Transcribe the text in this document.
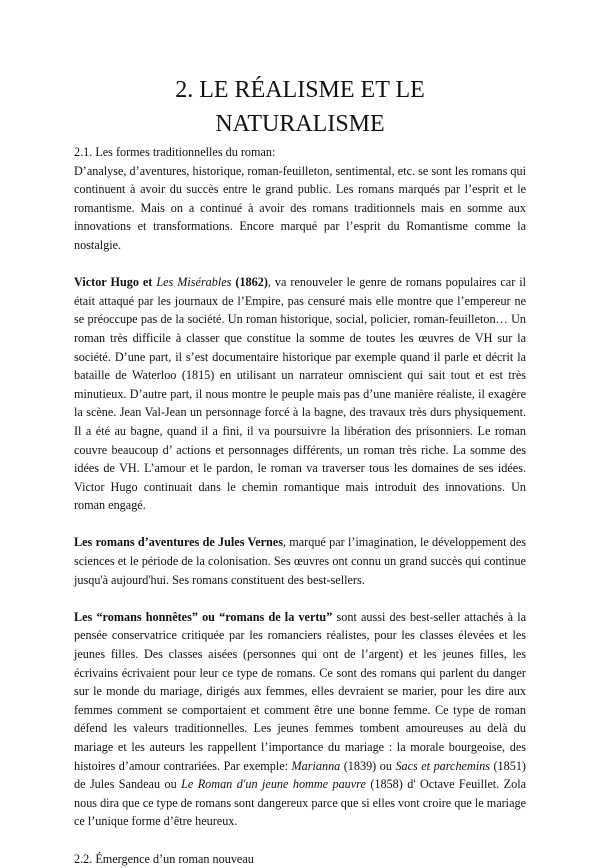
2. LE RÉALISME ET LE
NATURALISME

2.1. Les formes traditionnelles du roman:

D’analyse, d’aventures, historique, roman-feuilleton, sentimental, etc. se sont les romans qui continuent à avoir du succès entre le grand public. Les romans marqués par l’esprit et le romantisme. Mais on a continué à avoir des romans traditionnels mais en somme aux innovations et transformations. Encore marqué par l’esprit du Romantisme comme la nostalgie.

Victor Hugo et Les Misérables (1862), va renouveler le genre de romans populaires car il était attaqué par les journaux de l’Empire, pas censuré mais elle montre que l’empereur ne se préoccupe pas de la société. Un roman historique, social, policier, roman-feuilleton… Un roman très difficile à classer que constitue la somme de toutes les œuvres de VH sur la société. D’une part, il s’est documentaire historique par exemple quand il parle et décrit la bataille de Waterloo (1815) en utilisant un narrateur omniscient qui sait tout et est très minutieux. D’autre part, il nous montre le peuple mais pas d’une manière réaliste, il exagère la scène. Jean Val-Jean un personnage forcé à la bagne, des travaux très durs physiquement. Il a été au bagne, quand il a fini, il va poursuivre la libération des prisonniers. Le roman couvre beaucoup d’ actions et personnages différents, un roman très riche. La somme des idées de VH. L’amour et le pardon, le roman va traverser tous les domaines de ses idées. Victor Hugo continuait dans le chemin romantique mais introduit des innovations. Un roman engagé.

Les romans d’aventures de Jules Vernes, marqué par l’imagination, le développement des sciences et le période de la colonisation. Ses œuvres ont connu un grand succès qui continue jusqu'à aujourd'hui. Ses romans constituent des best-sellers.

Les “romans honnêtes” ou “romans de la vertu” sont aussi des best-seller attachés à la pensée conservatrice critiquée par les romanciers réalistes, pour les classes élevées et les jeunes filles. Des classes aisées (personnes qui ont de l’argent) et les jeunes filles, les écrivains écrivaient pour leur ce type de romans. Ce sont des romans qui parlent du danger sur le monde du mariage, dirigés aux femmes, elles devraient se marier, pour les dire aux femmes comment se comportaient et comment être une bonne femme. Ce type de roman défend les valeurs traditionnelles. Les jeunes femmes tombent amoureuses au delà du mariage et les auteurs les rappellent l’importance du mariage : la morale bourgeoise, des histoires d’amour contrariées. Par exemple: Marianna (1839) ou Sacs et parchemins (1851) de Jules Sandeau ou Le Roman d'un jeune homme pauvre (1858) d' Octave Feuillet. Zola nous dira que ce type de romans sont dangereux parce que si elles vont croire que le mariage ce l’unique forme d’être heureux.

2.2. Émergence d’un roman nouveau
